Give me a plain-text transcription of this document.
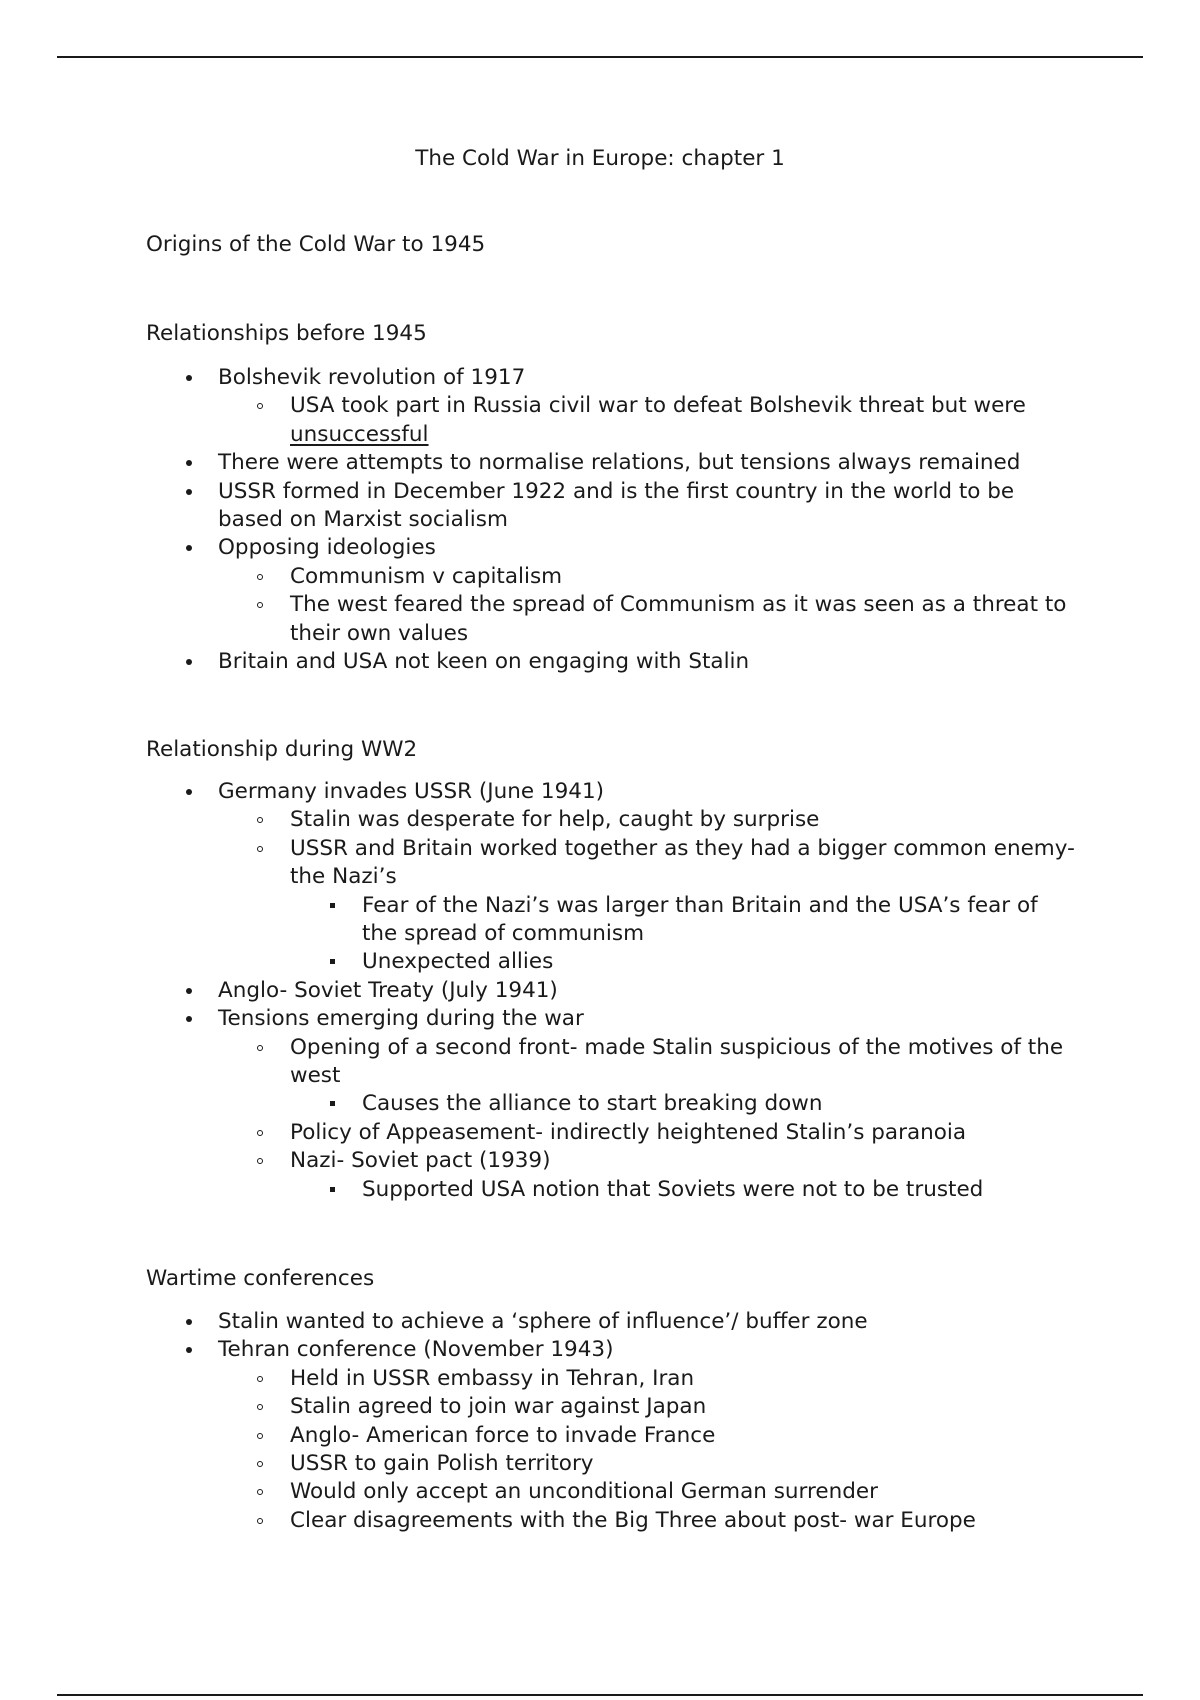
The Cold War in Europe: chapter 1
Origins of the Cold War to 1945
Relationships before 1945
Bolshevik revolution of 1917
USA took part in Russia civil war to defeat Bolshevik threat but were unsuccessful
There were attempts to normalise relations, but tensions always remained
USSR formed in December 1922 and is the first country in the world to be based on Marxist socialism
Opposing ideologies
Communism v capitalism
The west feared the spread of Communism as it was seen as a threat to their own values
Britain and USA not keen on engaging with Stalin
Relationship during WW2
Germany invades USSR (June 1941)
Stalin was desperate for help, caught by surprise
USSR and Britain worked together as they had a bigger common enemy- the Nazi’s
Fear of the Nazi’s was larger than Britain and the USA’s fear of the spread of communism
Unexpected allies
Anglo- Soviet Treaty (July 1941)
Tensions emerging during the war
Opening of a second front- made Stalin suspicious of the motives of the west
Causes the alliance to start breaking down
Policy of Appeasement- indirectly heightened Stalin’s paranoia
Nazi- Soviet pact (1939)
Supported USA notion that Soviets were not to be trusted
Wartime conferences
Stalin wanted to achieve a ‘sphere of influence’/ buffer zone
Tehran conference (November 1943)
Held in USSR embassy in Tehran, Iran
Stalin agreed to join war against Japan
Anglo- American force to invade France
USSR to gain Polish territory
Would only accept an unconditional German surrender
Clear disagreements with the Big Three about post- war Europe
